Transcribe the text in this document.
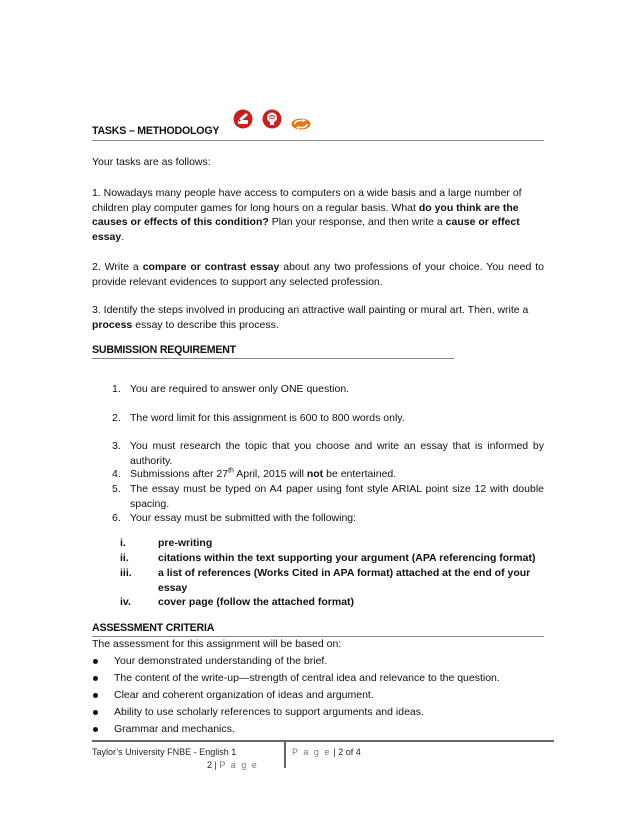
TASKS – METHODOLOGY
Your tasks are as follows:
1. Nowadays many people have access to computers on a wide basis and a large number of children play computer games for long hours on a regular basis. What do you think are the causes or effects of this condition? Plan your response, and then write a cause or effect essay.
2. Write a compare or contrast essay about any two professions of your choice. You need to provide relevant evidences to support any selected profession.
3. Identify the steps involved in producing an attractive wall painting or mural art. Then, write a process essay to describe this process.
SUBMISSION REQUIREMENT
1. You are required to answer only ONE question.
2. The word limit for this assignment is 600 to 800 words only.
3. You must research the topic that you choose and write an essay that is informed by authority.
4. Submissions after 27th April, 2015 will not be entertained.
5. The essay must be typed on A4 paper using font style ARIAL point size 12 with double spacing.
6. Your essay must be submitted with the following:
i.	pre-writing
ii.	citations within the text supporting your argument (APA referencing format)
iii.	a list of references (Works Cited in APA format) attached at the end of your essay
iv.	cover page (follow the attached format)
ASSESSMENT CRITERIA
The assessment for this assignment will be based on:
Your demonstrated understanding of the brief.
The content of the write-up—strength of central idea and relevance to the question.
Clear and coherent organization of ideas and argument.
Ability to use scholarly references to support arguments and ideas.
Grammar and mechanics.
Taylor’s University FNBE - English 1
2 | P a g e
P a g e | 2 of 4
